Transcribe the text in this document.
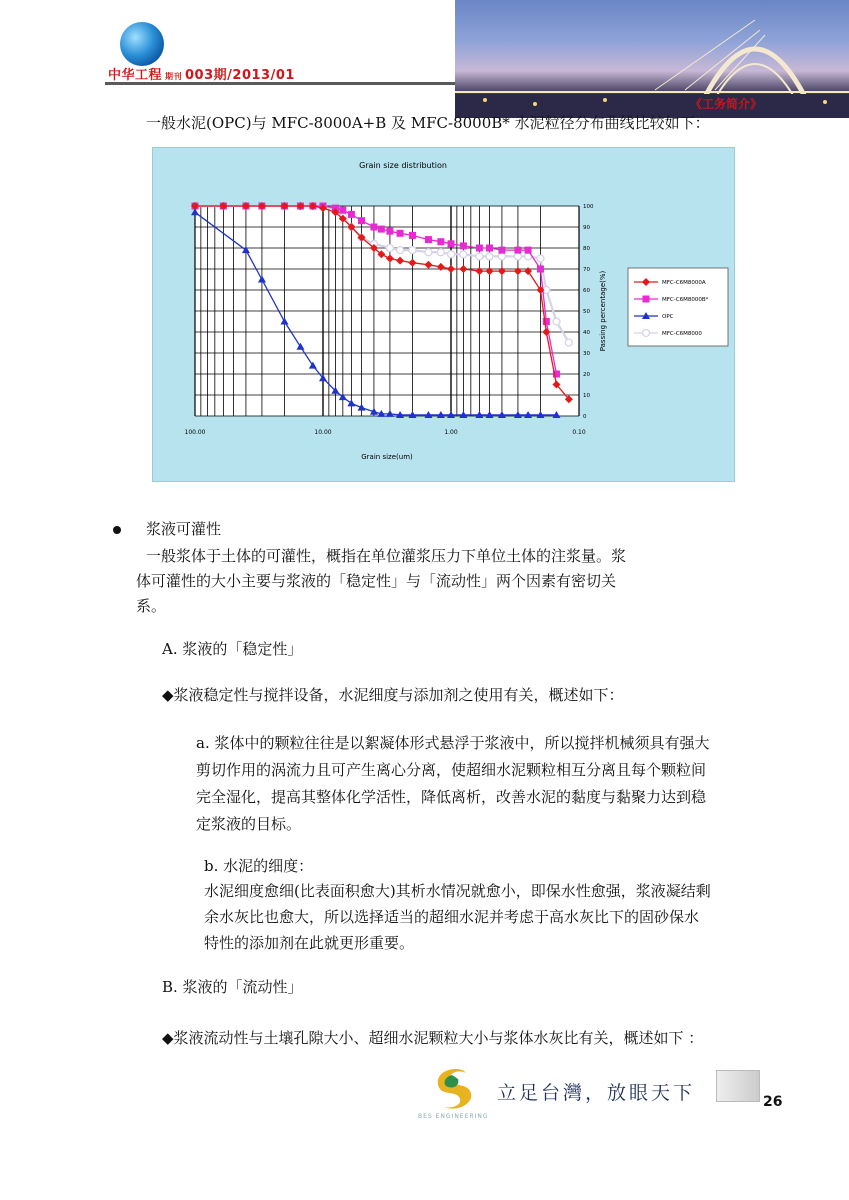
中华工程 期刊 003期/2013/01
《工务简介》
一般水泥(OPC)与 MFC-8000A+B 及 MFC-8000B* 水泥粒径分布曲线比较如下：
Grain size distribution
100.00	10.00	1.00	0.10
100
90
80
70
60
50
40
30
20
10
0
Grain size(um)
Passing percentage(%)	MFC-C6M8000A
MFC-C6M8000B*
OPC
MFC-C6M8000
浆液可灌性
一般浆体于土体的可灌性，概指在单位灌浆压力下单位土体的注浆量。浆
体可灌性的大小主要与浆液的「稳定性」与「流动性」两个因素有密切关
系。
A. 浆液的「稳定性」
◆浆液稳定性与搅拌设备，水泥细度与添加剂之使用有关，概述如下：
a. 浆体中的颗粒往往是以絮凝体形式悬浮于浆液中，所以搅拌机械须具有强大
剪切作用的涡流力且可产生离心分离，使超细水泥颗粒相互分离且每个颗粒间
完全湿化，提高其整体化学活性，降低离析，改善水泥的黏度与黏聚力达到稳
定浆液的目标。
b. 水泥的细度：
水泥细度愈细(比表面积愈大)其析水情况就愈小，即保水性愈强，浆液凝结剩
余水灰比也愈大，所以选择适当的超细水泥并考虑于高水灰比下的固砂保水
特性的添加剂在此就更形重要。
B. 浆液的「流动性」
◆浆液流动性与土壤孔隙大小、超细水泥颗粒大小与浆体水灰比有关，概述如下 ：
BES ENGINEERING
立足台灣，放眼天下	26
